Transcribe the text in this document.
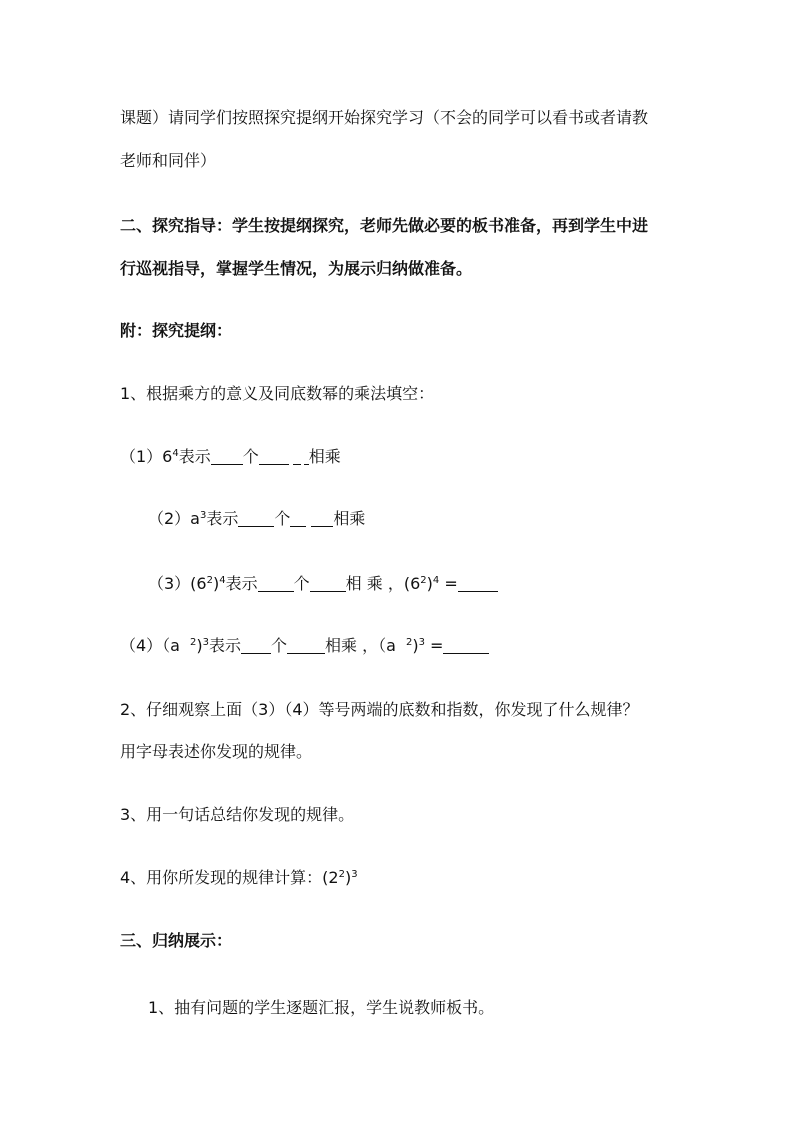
课题）请同学们按照探究提纲开始探究学习（不会的同学可以看书或者请教
老师和同伴）
二、探究指导：学生按提纲探究，老师先做必要的板书准备，再到学生中进
行巡视指导，掌握学生情况，为展示归纳做准备。
附：探究提纲：
1、根据乘方的意义及同底数幂的乘法填空：
$(1)6^4$表示 个	相乘
$(2)a^3$表示 个	相乘
$(3)(6^2)^4$表示 个 相 乘 ，$(6^2)^4$ =
（4）（a $^2$)$^3$表示 个 相乘 ，（a $^2$)$^3$ =
2、仔细观察上面（3）（4）等号两端的底数和指数，你发现了什么规律？
用字母表述你发现的规律。
3、用一句话总结你发现的规律。
4、用你所发现的规律计算：$(2^2)^3$
三、归纳展示：
1、抽有问题的学生逐题汇报，学生说教师板书。
